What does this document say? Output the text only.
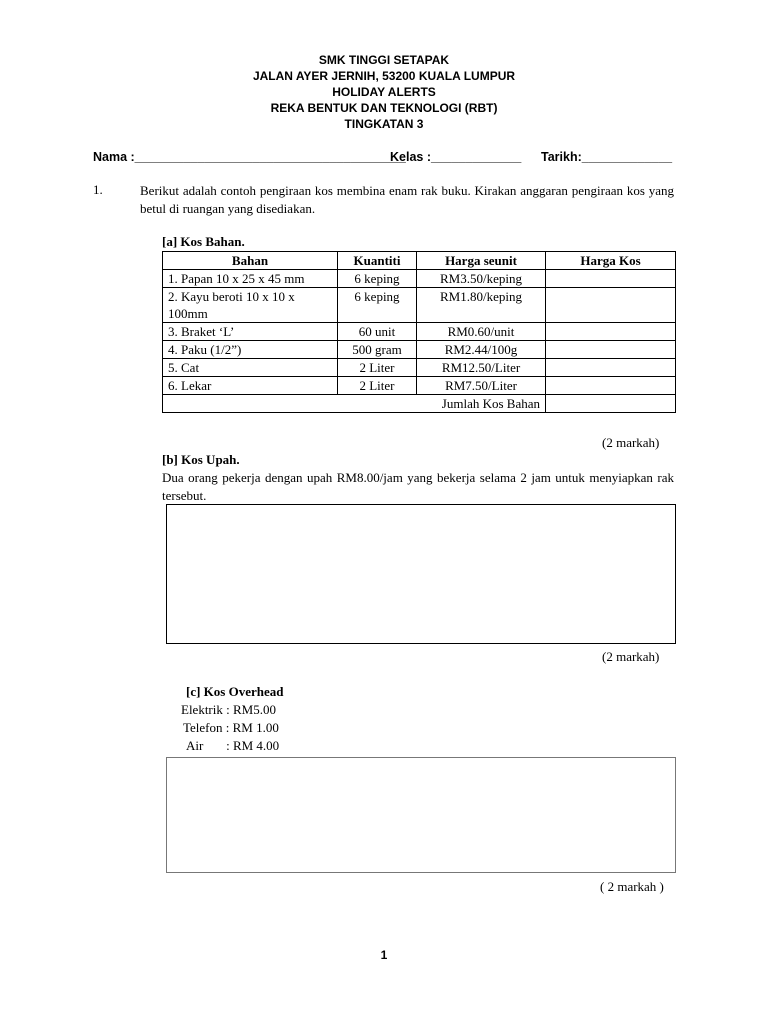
SMK TINGGI SETAPAK
JALAN AYER JERNIH, 53200 KUALA LUMPUR
HOLIDAY ALERTS
REKA BENTUK DAN TEKNOLOGI (RBT)
TINGKATAN 3
Nama :_______________________________________
Kelas :_____________ Tarikh:_____________
1.	Berikut adalah contoh pengiraan kos membina enam rak buku. Kirakan anggaran pengiraan kos yang betul di ruangan yang disediakan.
[a] Kos Bahan.
Bahan	Kuantiti	Harga seunit	Harga Kos
1. Papan 10 x 25 x 45 mm	6 keping	RM3.50/keping	

2. Kayu beroti 10 x 10 x 100mm	6 keping	RM1.80/keping	
3. Braket ‘L’	60 unit	RM0.60/unit	
4. Paku (1/2”)	500 gram	RM2.44/100g	
5. Cat	2 Liter	RM12.50/Liter	
6. Lekar	2 Liter	RM7.50/Liter	
Jumlah Kos Bahan			
(2 markah)
[b] Kos Upah.
Dua orang pekerja dengan upah RM8.00/jam yang bekerja selama 2 jam untuk menyiapkan rak tersebut.
(2 markah)
[c] Kos Overhead
Elektrik : RM5.00
Telefon : RM 1.00
Air       : RM 4.00
( 2 markah )
1
